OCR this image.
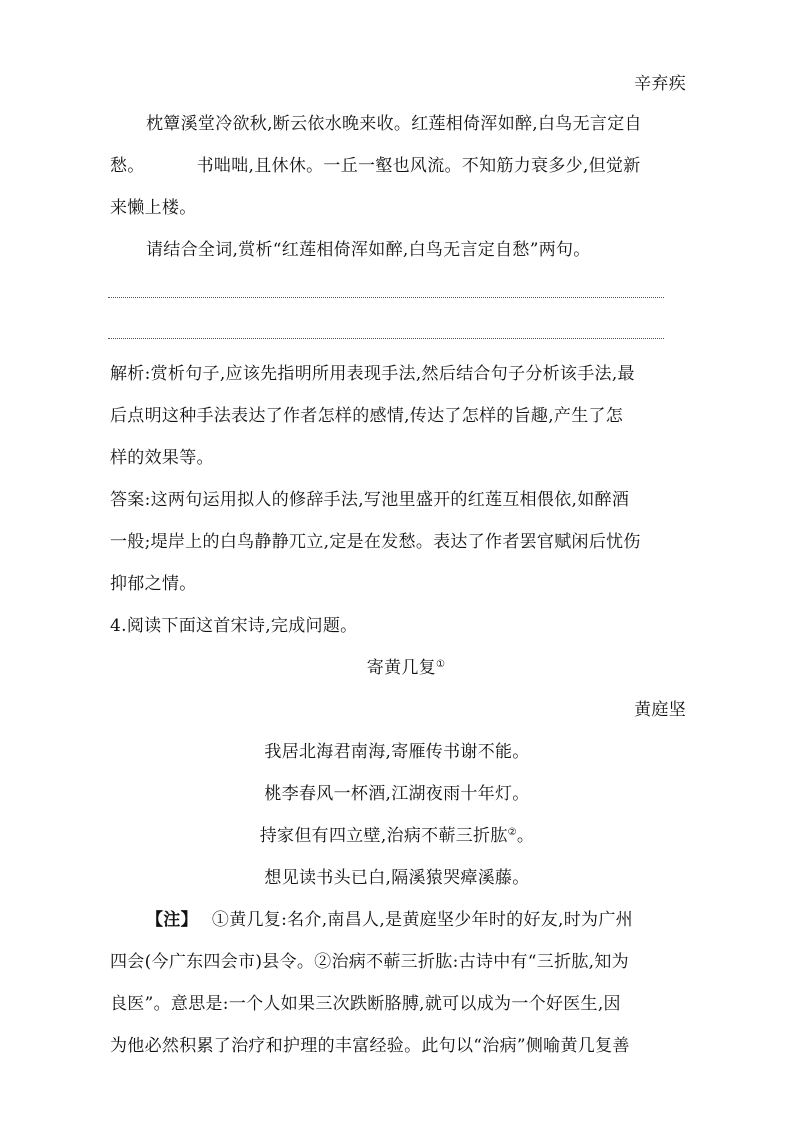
辛弃疾
枕簟溪堂冷欲秋,断云依水晚来收。红莲相倚浑如醉,白鸟无言定自
愁。	书咄咄,且休休。一丘一壑也风流。不知筋力衰多少,但觉新
来懒上楼。
请结合全词,赏析“红莲相倚浑如醉,白鸟无言定自愁”两句。
解析:赏析句子,应该先指明所用表现手法,然后结合句子分析该手法,最
后点明这种手法表达了作者怎样的感情,传达了怎样的旨趣,产生了怎
样的效果等。
答案:这两句运用拟人的修辞手法,写池里盛开的红莲互相偎依,如醉酒
一般;堤岸上的白鸟静静兀立,定是在发愁。表达了作者罢官赋闲后忧伤
抑郁之情。
4.阅读下面这首宋诗,完成问题。
寄黄几复①
黄庭坚
我居北海君南海,寄雁传书谢不能。
桃李春风一杯酒,江湖夜雨十年灯。
持家但有四立壁,治病不蕲三折肱②。
想见读书头已白,隔溪猿哭瘴溪藤。
【注】 ①黄几复:名介,南昌人,是黄庭坚少年时的好友,时为广州
四会(今广东四会市)县令。②治病不蕲三折肱:古诗中有“三折肱,知为
良医”。意思是:一个人如果三次跌断胳膊,就可以成为一个好医生,因
为他必然积累了治疗和护理的丰富经验。此句以“治病”侧喻黄几复善
